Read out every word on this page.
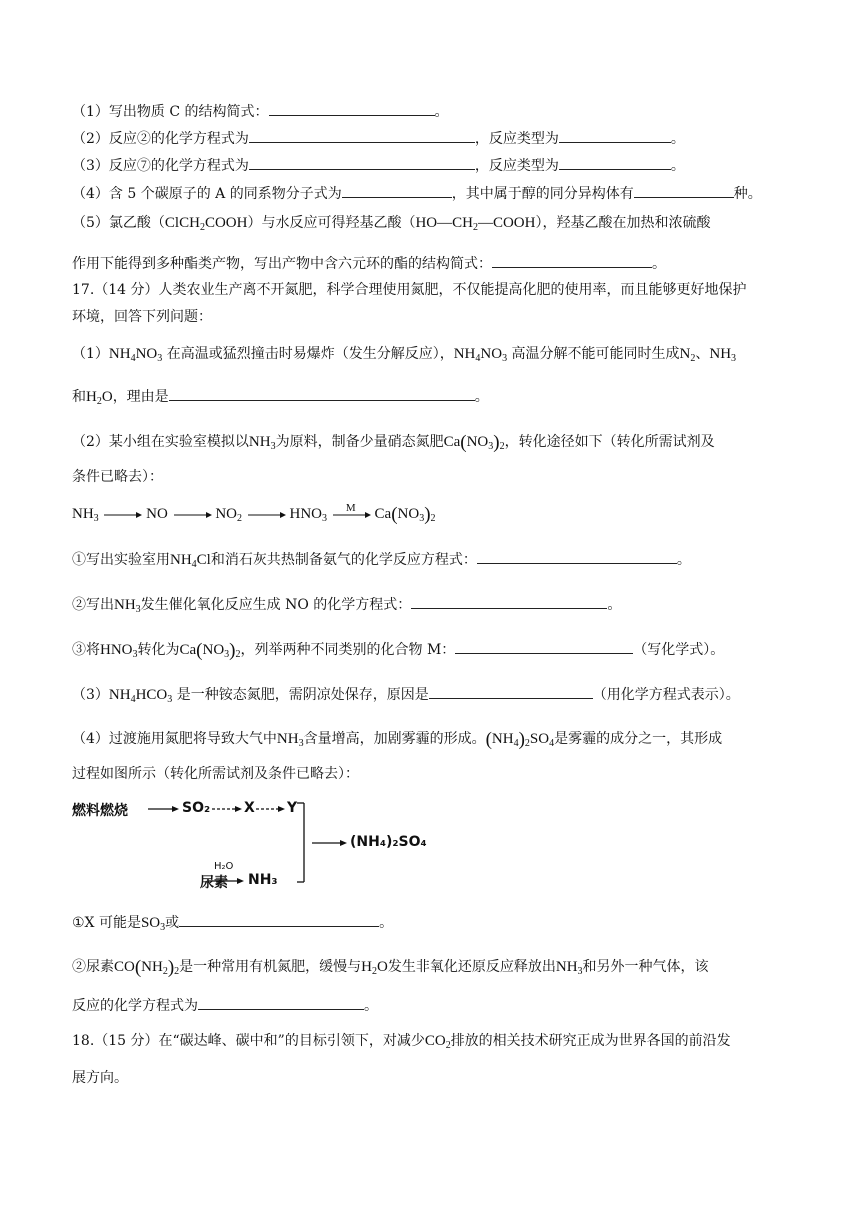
（1）写出物质 C 的结构简式：	。
（2）反应②的化学方程式为	，反应类型为	。
（3）反应⑦的化学方程式为	，反应类型为	。
（4）含 5 个碳原子的 A 的同系物分子式为	，其中属于醇的同分异构体有	种。
（5）氯乙酸（ClCH$_2$COOH）与水反应可得羟基乙酸$(HO—CH_2—COOH)$，羟基乙酸在加热和浓硫酸
作用下能得到多种酯类产物，写出产物中含六元环的酯的结构简式：	。
17.（14 分）人类农业生产离不开氮肥，科学合理使用氮肥，不仅能提高化肥的使用率，而且能够更好地保护
环境，回答下列问题：
$(1)NH_4NO_3$ 在高温或猛烈撞击时易爆炸（发生分解反应），$NH_4NO_3$ 高温分解不能可能同时生成$N_2$、$NH_3$
和$H_2O$，理由是	。
（2）某小组在实验室模拟以$NH_3$为原料，制备少量硝态氮肥$Ca(NO_3)_2$，转化途径如下（转化所需试剂及
条件已略去）：
$NH_3$	NO	$NO_2$	$HNO_3$
M	$Ca(NO_3)_2$
①写出实验室用$NH_4Cl$和消石灰共热制备氨气的化学反应方程式：	。
②写出$NH_3$发生催化氧化反应生成 NO 的化学方程式：	。
③将$HNO_3$转化为$Ca(NO_3)_2$，列举两种不同类别的化合物 M：	（写化学式）。
$(3)NH_4HCO_3$ 是一种铵态氮肥，需阴凉处保存，原因是	（用化学方程式表示）。
（4）过渡施用氮肥将导致大气中$NH_3$含量增高，加剧雾霾的形成。$(NH_4)_2SO_4$是雾霾的成分之一，其形成
过程如图所示（转化所需试剂及条件已略去）：
燃料燃烧	SO₂ X Y
(NH₄)₂SO₄
尿素
H₂O
NH₃
①X 可能是$SO_3$或	。
②尿素$CO(NH_2)_2$是一种常用有机氮肥，缓慢与$H_2O$发生非氧化还原反应释放出$NH_3$和另外一种气体，该
反应的化学方程式为	。
18.（15 分）在“碳达峰、碳中和”的目标引领下，对减少$CO_2$排放的相关技术研究正成为世界各国的前沿发
展方向。
